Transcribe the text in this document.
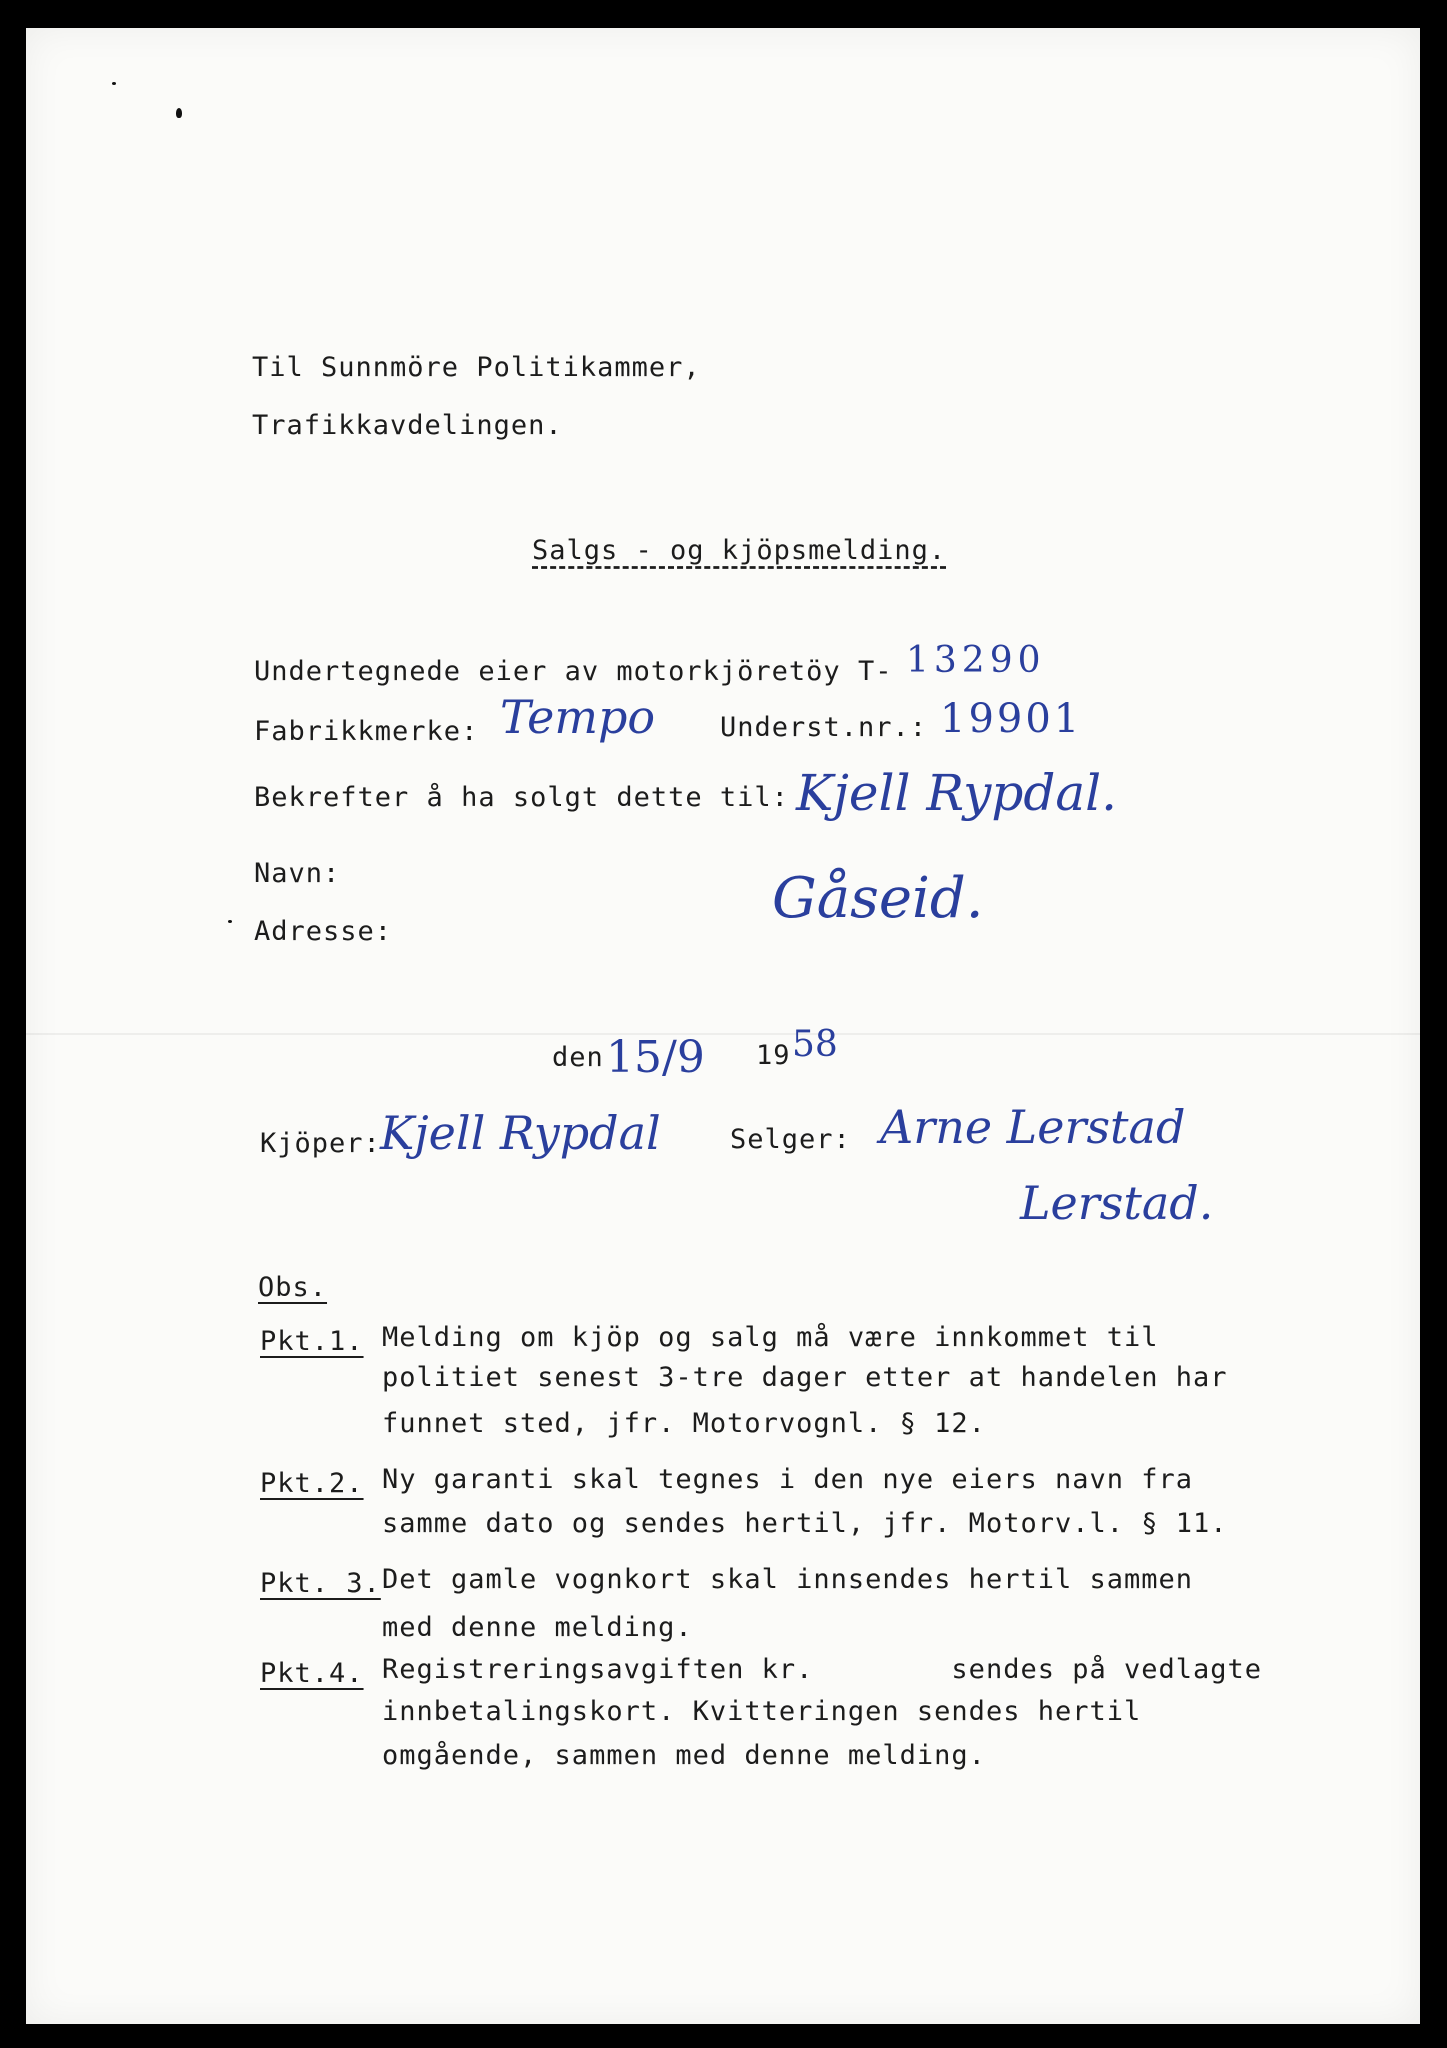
Til Sunnmöre Politikammer,
Trafikkavdelingen.
Salgs - og kjöpsmelding.
Undertegnede eier av motorkjöretöy T- 13290
Fabrikkmerke: Tempo Underst.nr.: 19901
Bekrefter å ha solgt dette til: Kjell Rypdal.
Navn:
Adresse:
Gåseid.
den 15/9 19 58
Kjöper: Kjell Rypdal	Selger: Arne Lerstad
Lerstad.
Obs.
Pkt.1. Melding om kjöp og salg må være innkommet til
politiet senest 3-tre dager etter at handelen har
funnet sted, jfr. Motorvognl. § 12.
Pkt.2. Ny garanti skal tegnes i den nye eiers navn fra
samme dato og sendes hertil, jfr. Motorv.l. § 11.
Pkt. 3. Det gamle vognkort skal innsendes hertil sammen
med denne melding.
Pkt.4. Registreringsavgiften kr.        sendes på vedlagte
innbetalingskort. Kvitteringen sendes hertil
omgående, sammen med denne melding.
